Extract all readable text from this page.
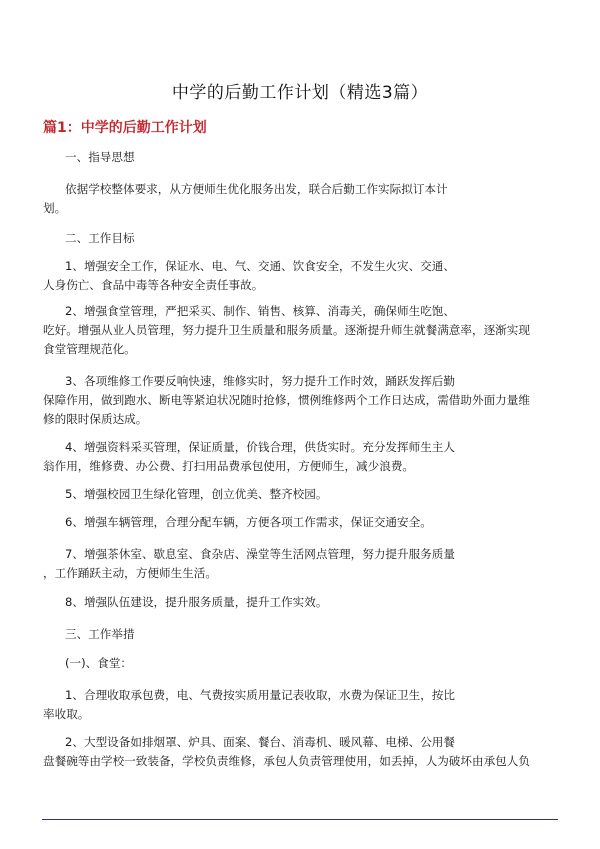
中学的后勤工作计划（精选3篇）
篇1：中学的后勤工作计划
一、指导思想
依据学校整体要求，从方便师生优化服务出发，联合后勤工作实际拟订本计
划。
二、工作目标
1、增强安全工作，保证水、电、气、交通、饮食安全，不发生火灾、交通、
人身伤亡、食品中毒等各种安全责任事故。
2、增强食堂管理，严把采买、制作、销售、核算、消毒关，确保师生吃饱、
吃好。增强从业人员管理，努力提升卫生质量和服务质量。逐渐提升师生就餐满意率，逐渐实现
食堂管理规范化。
3、各项维修工作要反响快速，维修实时，努力提升工作时效，踊跃发挥后勤
保障作用，做到跑水、断电等紧迫状况随时抢修，惯例维修两个工作日达成，需借助外面力量维
修的限时保质达成。
4、增强资料采买管理，保证质量，价钱合理，供货实时。充分发挥师生主人
翁作用，维修费、办公费、打扫用品费承包使用，方便师生，减少浪费。
5、增强校园卫生绿化管理，创立优美、整齐校园。
6、增强车辆管理，合理分配车辆，方便各项工作需求，保证交通安全。
7、增强茶休室、歇息室、食杂店、澡堂等生活网点管理，努力提升服务质量
，工作踊跃主动，方便师生生活。
8、增强队伍建设，提升服务质量，提升工作实效。
三、工作举措
(一)、食堂：
1、合理收取承包费，电、气费按实质用量记表收取，水费为保证卫生，按比
率收取。
2、大型设备如排烟罩、炉具、面案、餐台、消毒机、暖风幕、电梯、公用餐
盘餐碗等由学校一致装备，学校负责维修，承包人负责管理使用，如丢掉，人为破坏由承包人负
